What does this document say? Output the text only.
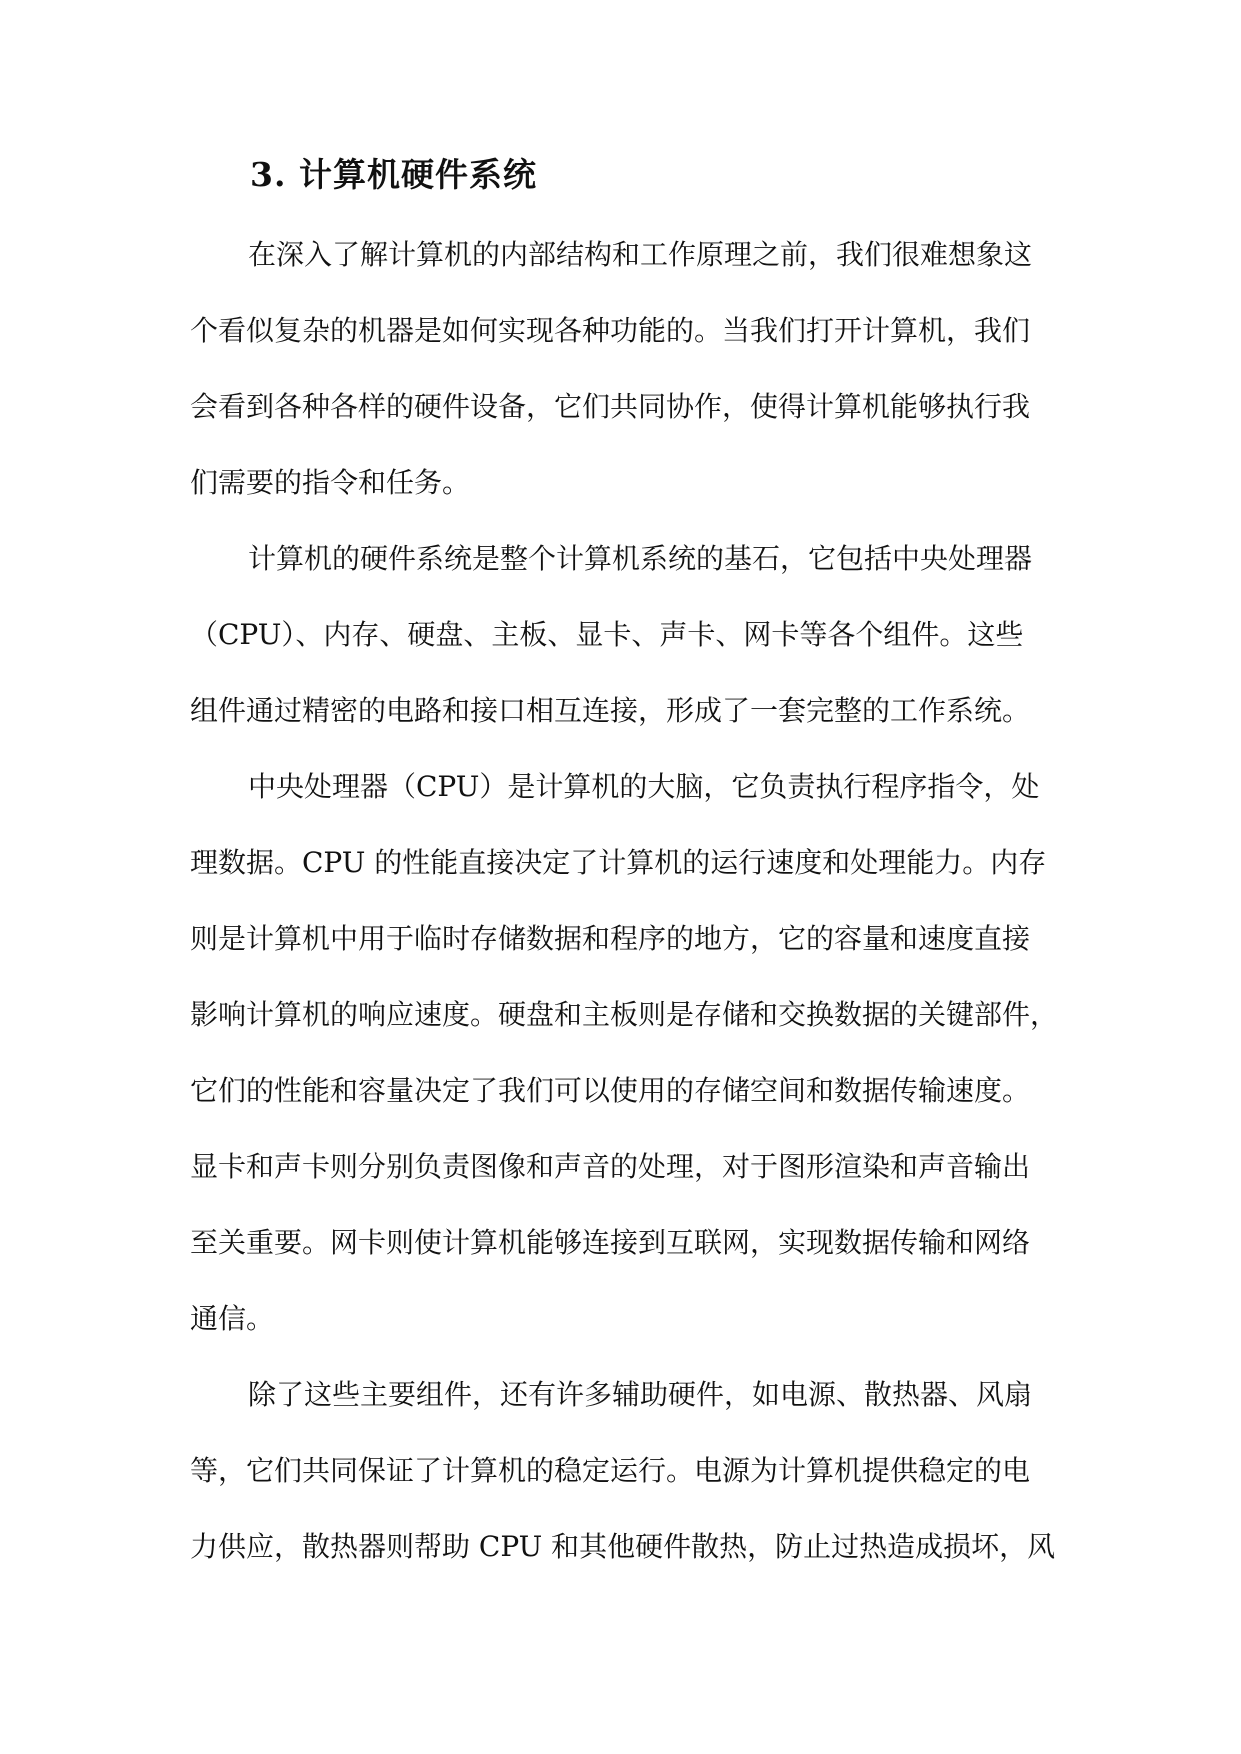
3. 计算机硬件系统
在深入了解计算机的内部结构和工作原理之前，我们很难想象这
个看似复杂的机器是如何实现各种功能的。当我们打开计算机，我们
会看到各种各样的硬件设备，它们共同协作，使得计算机能够执行我
们需要的指令和任务。
计算机的硬件系统是整个计算机系统的基石，它包括中央处理器
（CPU）、内存、硬盘、主板、显卡、声卡、网卡等各个组件。这些
组件通过精密的电路和接口相互连接，形成了一套完整的工作系统。
中央处理器（CPU）是计算机的大脑，它负责执行程序指令，处
理数据。CPU 的性能直接决定了计算机的运行速度和处理能力。内存
则是计算机中用于临时存储数据和程序的地方，它的容量和速度直接
影响计算机的响应速度。硬盘和主板则是存储和交换数据的关键部件，
它们的性能和容量决定了我们可以使用的存储空间和数据传输速度。
显卡和声卡则分别负责图像和声音的处理，对于图形渲染和声音输出
至关重要。网卡则使计算机能够连接到互联网，实现数据传输和网络
通信。
除了这些主要组件，还有许多辅助硬件，如电源、散热器、风扇
等，它们共同保证了计算机的稳定运行。电源为计算机提供稳定的电
力供应，散热器则帮助 CPU 和其他硬件散热，防止过热造成损坏，风
